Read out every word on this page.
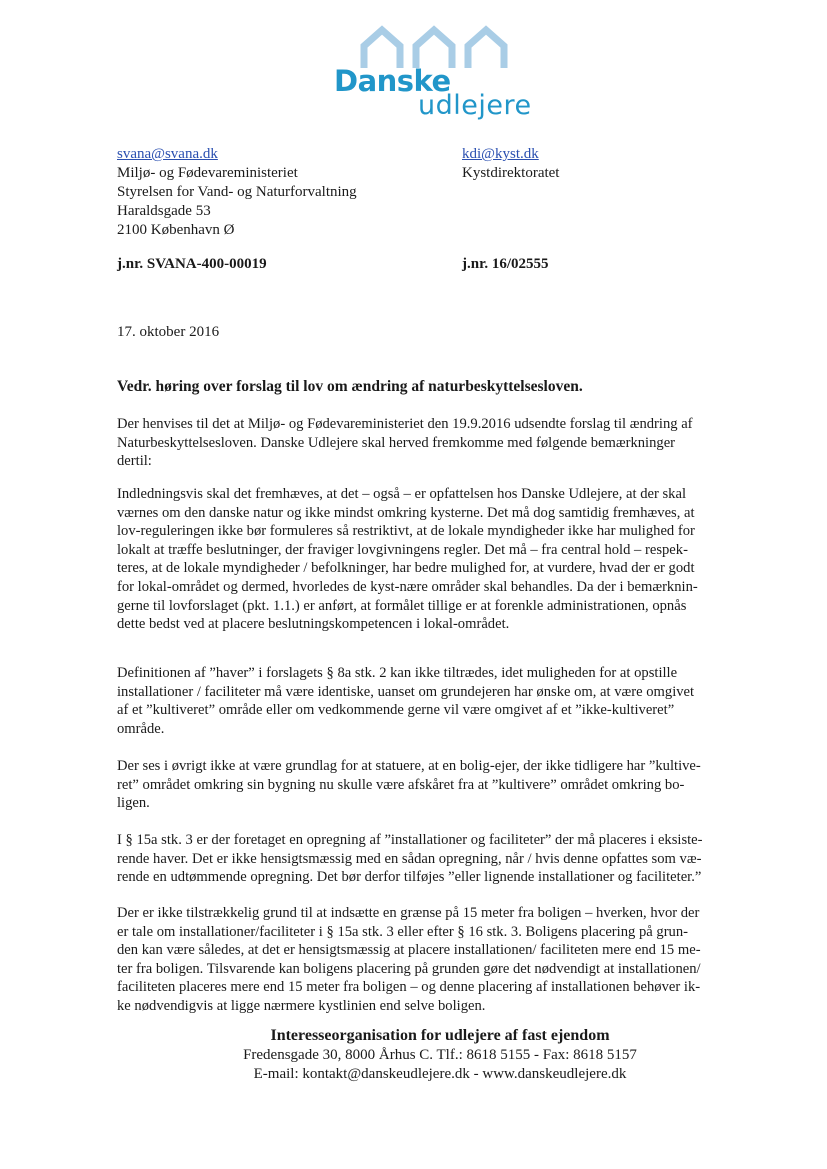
Danske
udlejere
svana@svana.dk
Miljø- og Fødevareministeriet
Styrelsen for Vand- og Naturforvaltning
Haraldsgade 53
2100 København Ø
kdi@kyst.dk
Kystdirektoratet
j.nr. SVANA-400-00019	j.nr. 16/02555
17. oktober 2016
Vedr. høring over forslag til lov om ændring af naturbeskyttelsesloven.
Der henvises til det at Miljø- og Fødevareministeriet den 19.9.2016 udsendte forslag til ændring af
Naturbeskyttelsesloven. Danske Udlejere skal herved fremkomme med følgende bemærkninger
dertil:
Indledningsvis skal det fremhæves, at det – også – er opfattelsen hos Danske Udlejere, at der skal
værnes om den danske natur og ikke mindst omkring kysterne. Det må dog samtidig fremhæves, at
lov-reguleringen ikke bør formuleres så restriktivt, at de lokale myndigheder ikke har mulighed for
lokalt at træffe beslutninger, der fraviger lovgivningens regler. Det må – fra central hold – respek-
teres, at de lokale myndigheder / befolkninger, har bedre mulighed for, at vurdere, hvad der er godt
for lokal-området og dermed, hvorledes de kyst-nære områder skal behandles. Da der i bemærknin-
gerne til lovforslaget (pkt. 1.1.) er anført, at formålet tillige er at forenkle administrationen, opnås
dette bedst ved at placere beslutningskompetencen i lokal-området.
Definitionen af ”haver” i forslagets § 8a stk. 2 kan ikke tiltrædes, idet muligheden for at opstille
installationer / faciliteter må være identiske, uanset om grundejeren har ønske om, at være omgivet
af et ”kultiveret” område eller om vedkommende gerne vil være omgivet af et ”ikke-kultiveret”
område.
Der ses i øvrigt ikke at være grundlag for at statuere, at en bolig-ejer, der ikke tidligere har ”kultive-
ret” området omkring sin bygning nu skulle være afskåret fra at ”kultivere” området omkring bo-
ligen.
I § 15a stk. 3 er der foretaget en opregning af ”installationer og faciliteter” der må placeres i eksiste-
rende haver. Det er ikke hensigtsmæssig med en sådan opregning, når / hvis denne opfattes som væ-
rende en udtømmende opregning. Det bør derfor tilføjes ”eller lignende installationer og faciliteter.”
Der er ikke tilstrækkelig grund til at indsætte en grænse på 15 meter fra boligen – hverken, hvor der
er tale om installationer/faciliteter i § 15a stk. 3 eller efter § 16 stk. 3. Boligens placering på grun-
den kan være således, at det er hensigtsmæssig at placere installationen/ faciliteten mere end 15 me-
ter fra boligen. Tilsvarende kan boligens placering på grunden gøre det nødvendigt at installationen/
faciliteten placeres mere end 15 meter fra boligen – og denne placering af installationen behøver ik-
ke nødvendigvis at ligge nærmere kystlinien end selve boligen.
Interesseorganisation for udlejere af fast ejendom
Fredensgade 30, 8000 Århus C. Tlf.: 8618 5155 - Fax: 8618 5157
E-mail: kontakt@danskeudlejere.dk - www.danskeudlejere.dk
